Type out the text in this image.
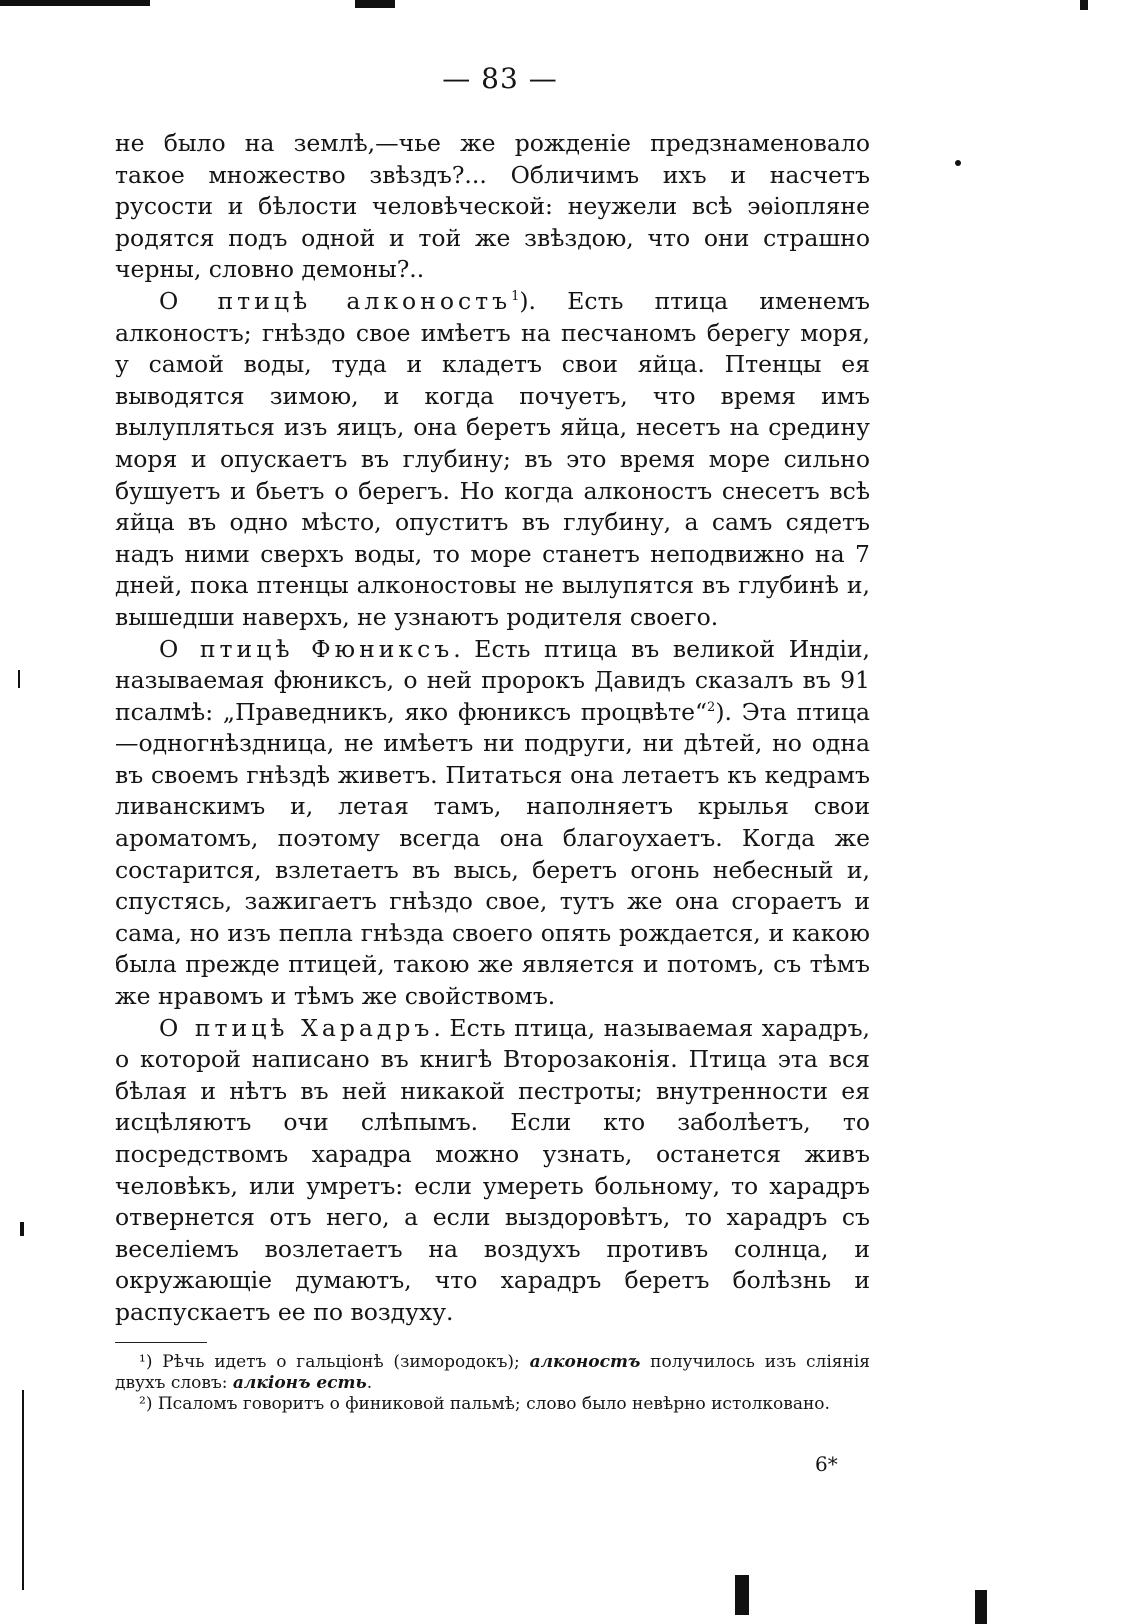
— 83 —

не было на землѣ,—чье же рожденіе предзнаменовало такое множество звѣздъ?... Обличимъ ихъ и насчетъ русости и бѣлости человѣческой: неужели всѣ эѳіопляне родятся подъ одной и той же звѣздою, что они страшно черны, словно демоны?..

О птицѣ алконостъ$^1$). Есть птица именемъ алконостъ; гнѣздо свое имѣетъ на песчаномъ берегу моря, у самой воды, туда и кладетъ свои яйца. Птенцы ея выводятся зимою, и когда почуетъ, что время имъ вылупляться изъ яицъ, она беретъ яйца, несетъ на средину моря и опускаетъ въ глубину; въ это время море сильно бушуетъ и бьетъ о берегъ. Но когда алконостъ снесетъ всѣ яйца въ одно мѣсто, опуститъ въ глубину, а самъ сядетъ надъ ними сверхъ воды, то море станетъ неподвижно на 7 дней, пока птенцы алконостовы не вылупятся въ глубинѣ и, вышедши наверхъ, не узнаютъ родителя своего.

О птицѣ Фюниксъ. Есть птица въ великой Индіи, называемая фюниксъ, о ней пророкъ Давидъ сказалъ въ 91 псалмѣ: „Праведникъ, яко фюниксъ процвѣте“$^2$). Эта птица—одногнѣздница, не имѣетъ ни подруги, ни дѣтей, но одна въ своемъ гнѣздѣ живетъ. Питаться она летаетъ къ кедрамъ ливанскимъ и, летая тамъ, наполняетъ крылья свои ароматомъ, поэтому всегда она благоухаетъ. Когда же состарится, взлетаетъ въ высь, беретъ огонь небесный и, спустясь, зажигаетъ гнѣздо свое, тутъ же она сгораетъ и сама, но изъ пепла гнѣзда своего опять рождается, и какою была прежде птицей, такою же является и потомъ, съ тѣмъ же нравомъ и тѣмъ же свойствомъ.

О птицѣ Харадръ. Есть птица, называемая харадръ, о которой написано въ книгѣ Второзаконія. Птица эта вся бѣлая и нѣтъ въ ней никакой пестроты; внутренности ея исцѣляютъ очи слѣпымъ. Если кто заболѣетъ, то посредствомъ харадра можно узнать, останется живъ человѣкъ, или умретъ: если умереть больному, то харадръ отвернется отъ него, а если выздоровѣтъ, то харадръ съ веселіемъ возлетаетъ на воздухъ противъ солнца, и окружающіе думаютъ, что харадръ беретъ болѣзнь и распускаетъ ее по воздуху.

¹) Рѣчь идетъ о гальціонѣ (зимородокъ); алконостъ получилось изъ сліянія двухъ словъ: алкіонъ есть.

²) Псаломъ говоритъ о финиковой пальмѣ; слово было невѣрно истолковано.

6*
